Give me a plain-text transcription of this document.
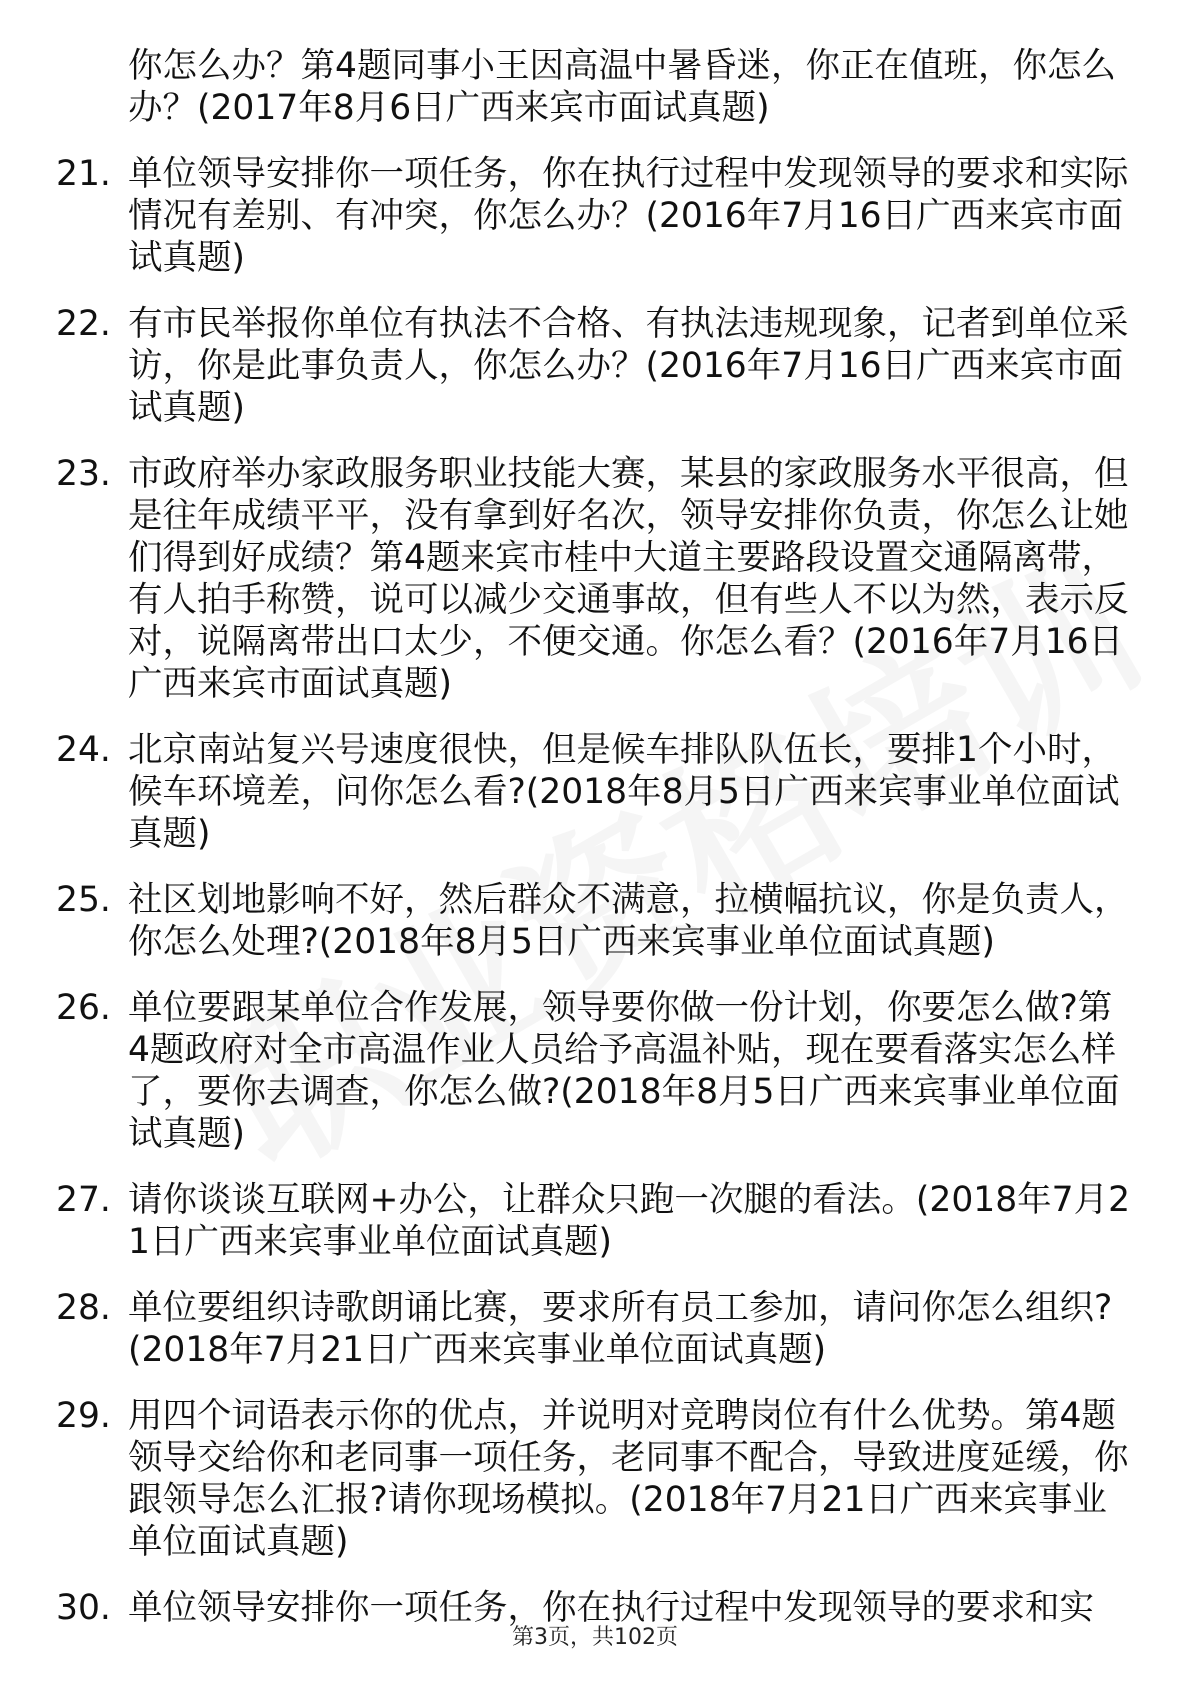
你怎么办？第4题同事小王因高温中暑昏迷，你正在值班，你怎么办？(2017年8月6日广西来宾市面试真题)
21. 单位领导安排你一项任务，你在执行过程中发现领导的要求和实际情况有差别、有冲突，你怎么办？(2016年7月16日广西来宾市面试真题)
22. 有市民举报你单位有执法不合格、有执法违规现象，记者到单位采访，你是此事负责人，你怎么办？(2016年7月16日广西来宾市面试真题)
23. 市政府举办家政服务职业技能大赛，某县的家政服务水平很高，但是往年成绩平平，没有拿到好名次，领导安排你负责，你怎么让她们得到好成绩？第4题来宾市桂中大道主要路段设置交通隔离带，有人拍手称赞，说可以减少交通事故，但有些人不以为然，表示反对，说隔离带出口太少，不便交通。你怎么看？(2016年7月16日广西来宾市面试真题)
24. 北京南站复兴号速度很快，但是候车排队队伍长，要排1个小时，候车环境差，问你怎么看?(2018年8月5日广西来宾事业单位面试真题)
25. 社区划地影响不好，然后群众不满意，拉横幅抗议，你是负责人，你怎么处理?(2018年8月5日广西来宾事业单位面试真题)
26. 单位要跟某单位合作发展，领导要你做一份计划，你要怎么做?第4题政府对全市高温作业人员给予高温补贴，现在要看落实怎么样了，要你去调查，你怎么做?(2018年8月5日广西来宾事业单位面试真题)
27. 请你谈谈互联网+办公，让群众只跑一次腿的看法。(2018年7月21日广西来宾事业单位面试真题)
28. 单位要组织诗歌朗诵比赛，要求所有员工参加，请问你怎么组织?(2018年7月21日广西来宾事业单位面试真题)
29. 用四个词语表示你的优点，并说明对竞聘岗位有什么优势。第4题领导交给你和老同事一项任务，老同事不配合，导致进度延缓，你跟领导怎么汇报?请你现场模拟。(2018年7月21日广西来宾事业单位面试真题)
30. 单位领导安排你一项任务，你在执行过程中发现领导的要求和实
第3页，共102页
